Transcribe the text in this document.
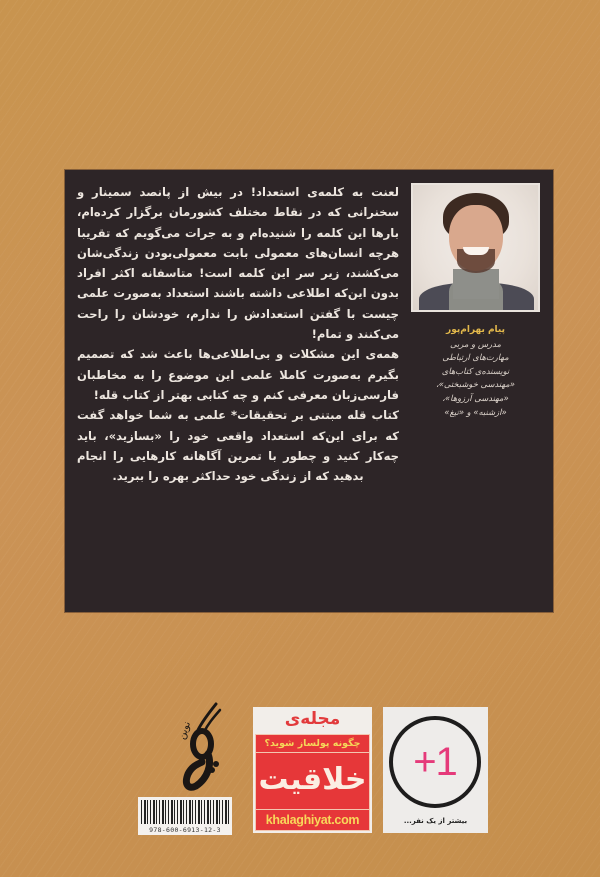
لعنت به کلمه‌ی استعداد! در بیش از پانصد سمینار و سخنرانی که در نقاط مختلف کشورمان برگزار کرده‌ام، بارها این کلمه را شنیده‌ام و به جرات می‌گویم که تقریبا هرچه انسان‌های معمولی بابت معمولی‌بودن زندگی‌شان می‌کشند، زیر سر این کلمه است! متاسفانه اکثر افراد بدون این‌که اطلاعی داشته باشند استعداد به‌صورت علمی چیست با گفتن استعدادش را ندارم، خودشان را راحت می‌کنند و تمام!

همه‌ی این مشکلات و بی‌اطلاعی‌ها باعث شد که تصمیم بگیرم به‌صورت کاملا علمی این موضوع را به مخاطبان فارسی‌زبان معرفی کنم و چه کتابی بهتر از کتاب قله!

کتاب قله مبتنی بر تحقیقات* علمی به شما خواهد گفت که برای این‌که استعداد واقعی خود را «بسازید»، باید چه‌کار کنید و چطور با تمرین آگاهانه کارهایی را انجام بدهید که از زندگی خود حداکثر بهره را ببرید.

پیام بهرام‌پور
مدرس و مربی
مهارت‌های ارتباطی
نویسنده‌ی کتاب‌های
«مهندسی خوشبختی»،
«مهندسی آرزوها»،
«ازشنبه» و «تیغ»
+1
بیشتر از یک نفر...
مجله‌ی
چگونه پولساز شوید؟
خلاقیت
khalaghiyat.com
نوین
978-600-6913-12-3
